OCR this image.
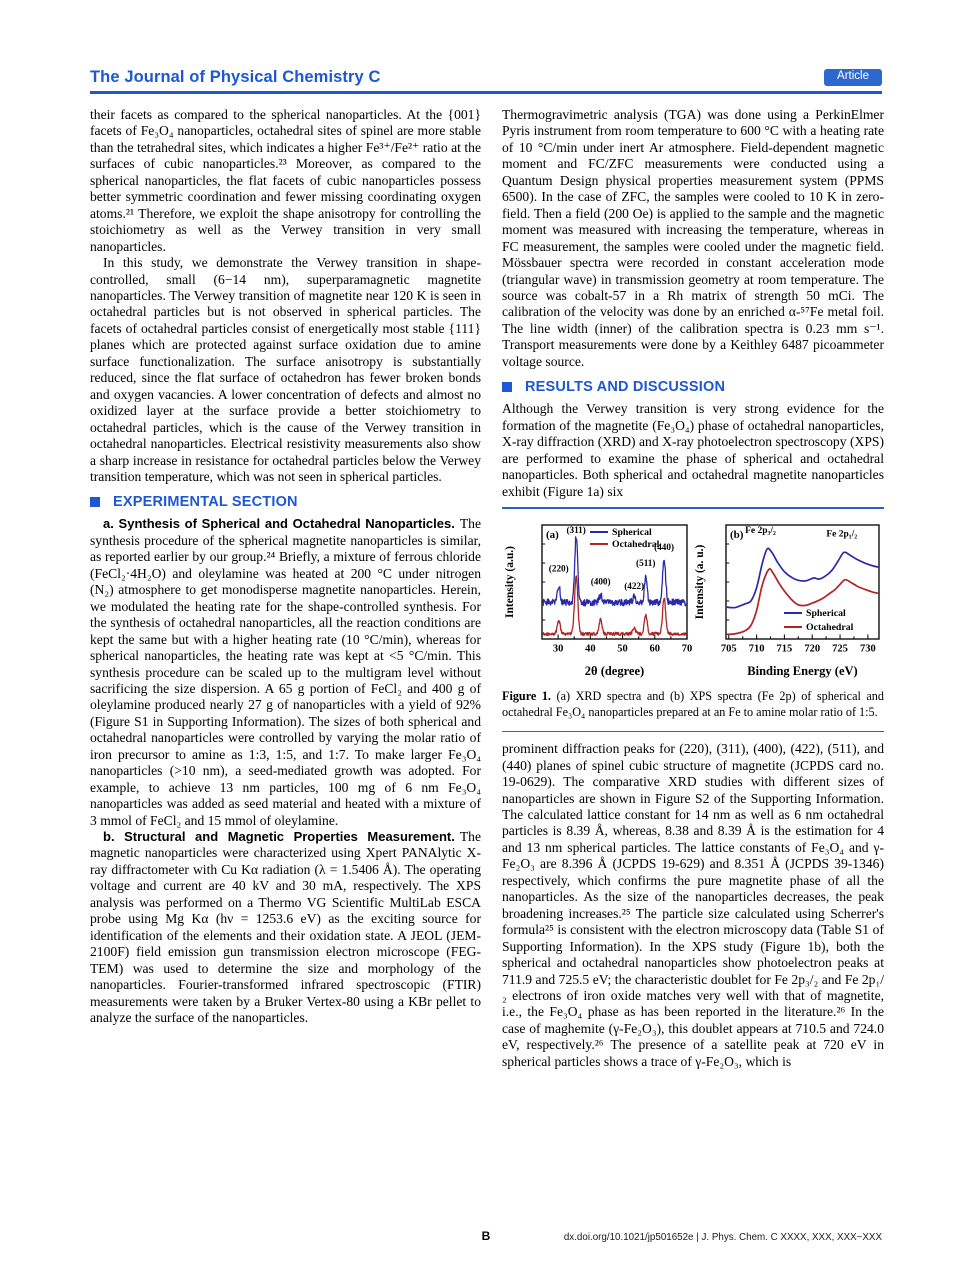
The Journal of Physical Chemistry C	Article

their facets as compared to the spherical nanoparticles. At the {001} facets of Fe₃O₄ nanoparticles, octahedral sites of spinel are more stable than the tetrahedral sites, which indicates a higher Fe³⁺/Fe²⁺ ratio at the surfaces of cubic nanoparticles.²³ Moreover, as compared to the spherical nanoparticles, the flat facets of cubic nanoparticles possess better symmetric coordination and fewer missing coordinating oxygen atoms.²¹ Therefore, we exploit the shape anisotropy for controlling the stoichiometry as well as the Verwey transition in very small nanoparticles.

In this study, we demonstrate the Verwey transition in shape-controlled, small (6−14 nm), superparamagnetic magnetite nanoparticles. The Verwey transition of magnetite near 120 K is seen in octahedral particles but is not observed in spherical particles. The facets of octahedral particles consist of energetically most stable {111} planes which are protected against surface oxidation due to amine surface functionalization. The surface anisotropy is substantially reduced, since the flat surface of octahedron has fewer broken bonds and oxygen vacancies. A lower concentration of defects and almost no oxidized layer at the surface provide a better stoichiometry to octahedral particles, which is the cause of the Verwey transition in octahedral nanoparticles. Electrical resistivity measurements also show a sharp increase in resistance for octahedral particles below the Verwey transition temperature, which was not seen in spherical particles.

EXPERIMENTAL SECTION

a. Synthesis of Spherical and Octahedral Nanoparticles. The synthesis procedure of the spherical magnetite nanoparticles is similar, as reported earlier by our group.²⁴ Briefly, a mixture of ferrous chloride (FeCl₂·4H₂O) and oleylamine was heated at 200 °C under nitrogen (N₂) atmosphere to get monodisperse magnetite nanoparticles. Herein, we modulated the heating rate for the shape-controlled synthesis. For the synthesis of octahedral nanoparticles, all the reaction conditions are kept the same but with a higher heating rate (10 °C/min), whereas for spherical nanoparticles, the heating rate was kept at <5 °C/min. This synthesis procedure can be scaled up to the multigram level without sacrificing the size dispersion. A 65 g portion of FeCl₂ and 400 g of oleylamine produced nearly 27 g of nanoparticles with a yield of 92% (Figure S1 in Supporting Information). The sizes of both spherical and octahedral nanoparticles were controlled by varying the molar ratio of iron precursor to amine as 1:3, 1:5, and 1:7. To make larger Fe₃O₄ nanoparticles (>10 nm), a seed-mediated growth was adopted. For example, to achieve 13 nm particles, 100 mg of 6 nm Fe₃O₄ nanoparticles was added as seed material and heated with a mixture of 3 mmol of FeCl₂ and 15 mmol of oleylamine.

b. Structural and Magnetic Properties Measurement. The magnetic nanoparticles were characterized using Xpert PANAlytic X-ray diffractometer with Cu Kα radiation (λ = 1.5406 Å). The operating voltage and current are 40 kV and 30 mA, respectively. The XPS analysis was performed on a Thermo VG Scientific MultiLab ESCA probe using Mg Kα (hν = 1253.6 eV) as the exciting source for identification of the elements and their oxidation state. A JEOL (JEM-2100F) field emission gun transmission electron microscope (FEG-TEM) was used to determine the size and morphology of the nanoparticles. Fourier-transformed infrared spectroscopic (FTIR) measurements were taken by a Bruker Vertex-80 using a KBr pellet to analyze the surface of the nanoparticles.

Thermogravimetric analysis (TGA) was done using a PerkinElmer Pyris instrument from room temperature to 600 °C with a heating rate of 10 °C/min under inert Ar atmosphere. Field-dependent magnetic moment and FC/ZFC measurements were conducted using a Quantum Design physical properties measurement system (PPMS 6500). In the case of ZFC, the samples were cooled to 10 K in zero-field. Then a field (200 Oe) is applied to the sample and the magnetic moment was measured with increasing the temperature, whereas in FC measurement, the samples were cooled under the magnetic field. Mössbauer spectra were recorded in constant acceleration mode (triangular wave) in transmission geometry at room temperature. The source was cobalt-57 in a Rh matrix of strength 50 mCi. The calibration of the velocity was done by an enriched α-⁵⁷Fe metal foil. The line width (inner) of the calibration spectra is 0.23 mm s⁻¹. Transport measurements were done by a Keithley 6487 picoammeter voltage source.

RESULTS AND DISCUSSION

Although the Verwey transition is very strong evidence for the formation of the magnetite (Fe₃O₄) phase of octahedral nanoparticles, X-ray diffraction (XRD) and X-ray photoelectron spectroscopy (XPS) are performed to examine the phase of spherical and octahedral nanoparticles. Both spherical and octahedral magnetite nanoparticles exhibit (Figure 1a) six

30 40 50 60 70
2θ (degree)
Intensity (a.u.)
(a)
(220)
(311)
(400) (422)
(511)
(440)
Spherical
Octahedral
705 710 715 720 725 730
Binding Energy (eV)
Intensity (a. u.)
(b) Fe 2p₃/₂	Fe 2p₁/₂
Spherical
Octahedral

Figure 1. (a) XRD spectra and (b) XPS spectra (Fe 2p) of spherical and octahedral Fe₃O₄ nanoparticles prepared at an Fe to amine molar ratio of 1:5.

prominent diffraction peaks for (220), (311), (400), (422), (511), and (440) planes of spinel cubic structure of magnetite (JCPDS card no. 19-0629). The comparative XRD studies with different sizes of nanoparticles are shown in Figure S2 of the Supporting Information. The calculated lattice constant for 14 nm as well as 6 nm octahedral particles is 8.39 Å, whereas, 8.38 and 8.39 Å is the estimation for 4 and 13 nm spherical particles. The lattice constants of Fe₃O₄ and γ-Fe₂O₃ are 8.396 Å (JCPDS 19-629) and 8.351 Å (JCPDS 39-1346) respectively, which confirms the pure magnetite phase of all the nanoparticles. As the size of the nanoparticles decreases, the peak broadening increases.²⁵ The particle size calculated using Scherrer's formula²⁵ is consistent with the electron microscopy data (Table S1 of Supporting Information). In the XPS study (Figure 1b), both the spherical and octahedral nanoparticles show photoelectron peaks at 711.9 and 725.5 eV; the characteristic doublet for Fe 2p₃/₂ and Fe 2p₁/₂ electrons of iron oxide matches very well with that of magnetite, i.e., the Fe₃O₄ phase as has been reported in the literature.²⁶ In the case of maghemite (γ-Fe₂O₃), this doublet appears at 710.5 and 724.0 eV, respectively.²⁶ The presence of a satellite peak at 720 eV in spherical particles shows a trace of γ-Fe₂O₃, which is

B	dx.doi.org/10.1021/jp501652e | J. Phys. Chem. C XXXX, XXX, XXX−XXX
